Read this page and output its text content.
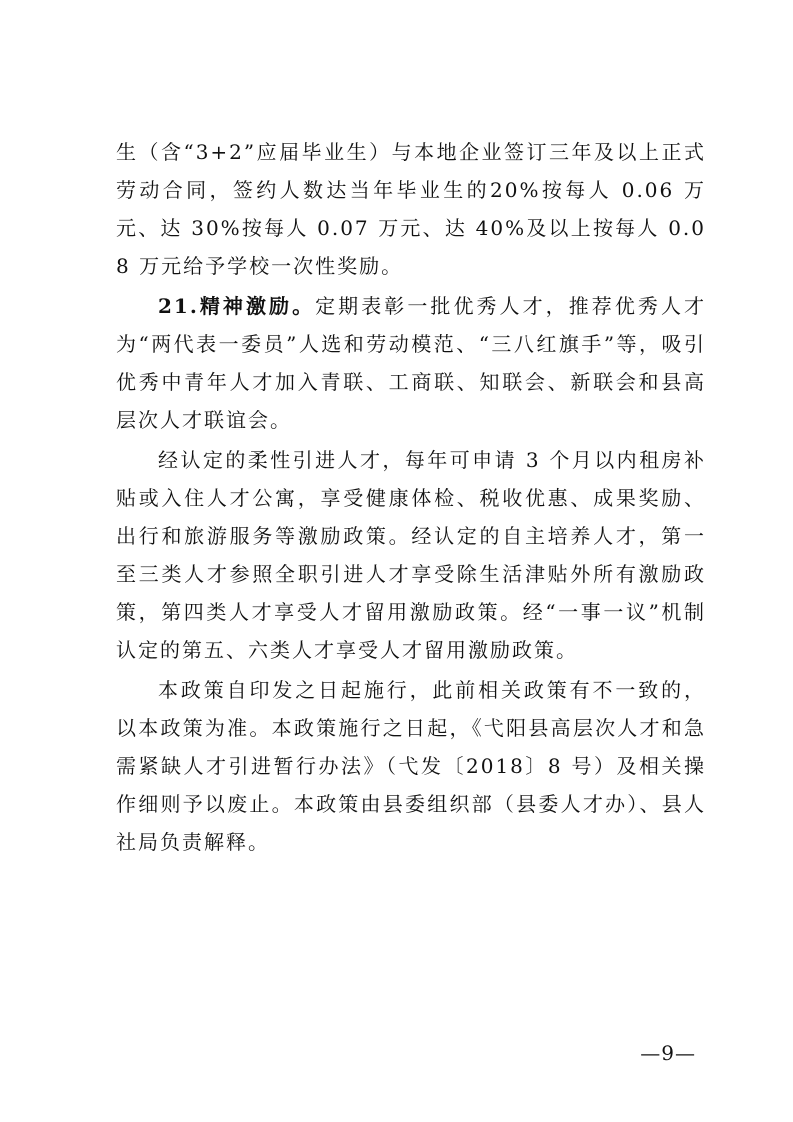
生（含“3+2”应届毕业生）与本地企业签订三年及以上正式劳动合同，签约人数达当年毕业生的20%按每人 0.06 万元、达 30%按每人 0.07 万元、达 40%及以上按每人 0.08 万元给予学校一次性奖励。

21.精神激励。定期表彰一批优秀人才，推荐优秀人才为“两代表一委员”人选和劳动模范、“三八红旗手”等，吸引优秀中青年人才加入青联、工商联、知联会、新联会和县高层次人才联谊会。

经认定的柔性引进人才，每年可申请 3 个月以内租房补贴或入住人才公寓，享受健康体检、税收优惠、成果奖励、出行和旅游服务等激励政策。经认定的自主培养人才，第一至三类人才参照全职引进人才享受除生活津贴外所有激励政策，第四类人才享受人才留用激励政策。经“一事一议”机制认定的第五、六类人才享受人才留用激励政策。

本政策自印发之日起施行，此前相关政策有不一致的，以本政策为准。本政策施行之日起，《弋阳县高层次人才和急需紧缺人才引进暂行办法》（弋发〔2018〕8 号）及相关操作细则予以废止。本政策由县委组织部（县委人才办）、县人社局负责解释。

—9—
